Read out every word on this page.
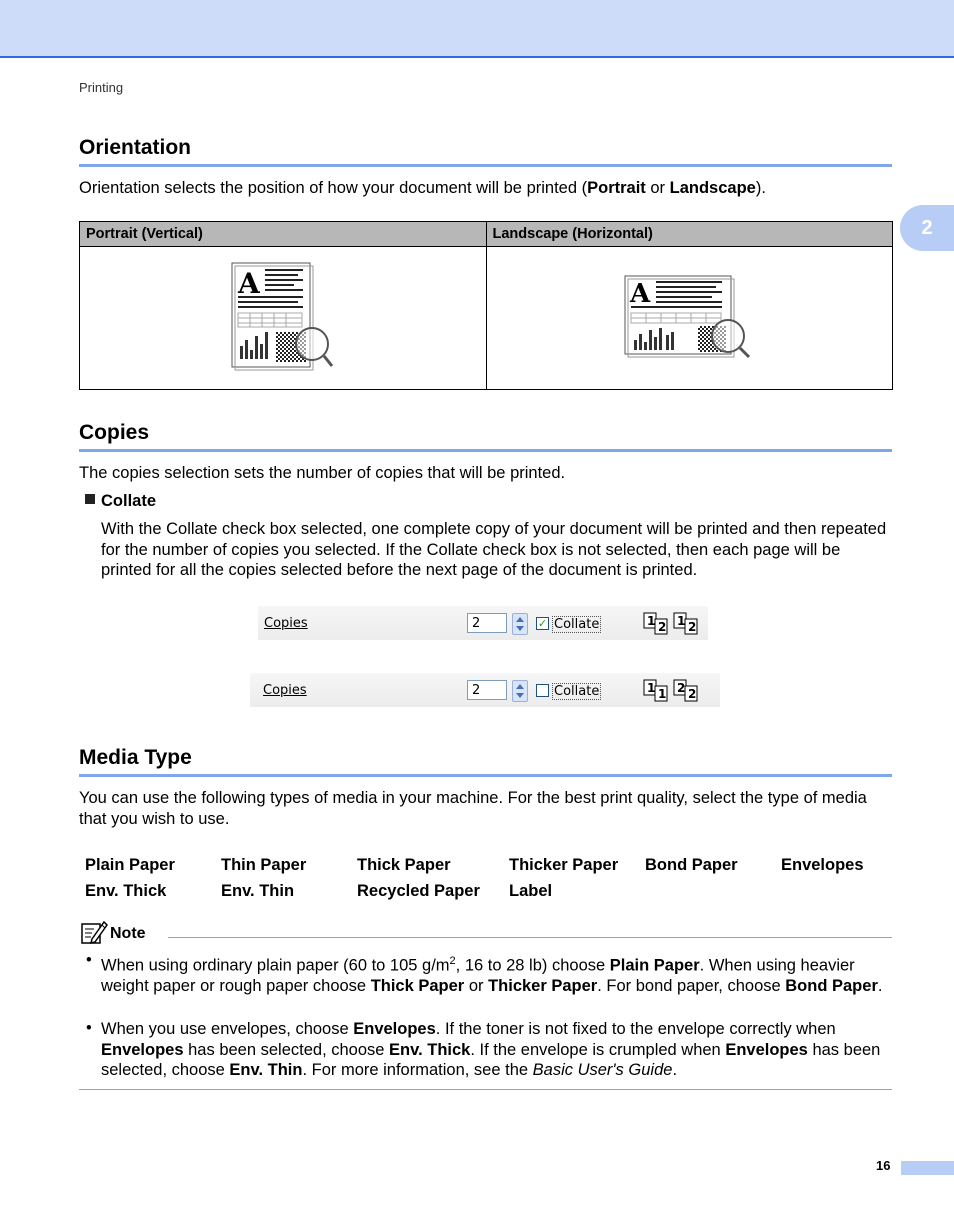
Printing
2
Orientation
Orientation selects the position of how your document will be printed (Portrait or Landscape).
Portrait (Vertical)	Landscape (Horizontal)

A	A
Copies
The copies selection sets the number of copies that will be printed.
Collate
With the Collate check box selected, one complete copy of your document will be printed and then repeated for the number of copies you selected. If the Collate check box is not selected, then each page will be printed for all the copies selected before the next page of the document is printed.
Copies	2	✓ Collate	1 2 1 2
Copies	2	Collate	1 1 2 2
Media Type
You can use the following types of media in your machine. For the best print quality, select the type of media that you wish to use.
Plain Paper	Thin Paper	Thick Paper	Thicker Paper	Bond Paper	Envelopes
Env. Thick	Env. Thin	Recycled Paper	Label		
Note
• When using ordinary plain paper (60 to 105 $g/m^2$, 16 to 28 lb) choose Plain Paper. When using heavier weight paper or rough paper choose Thick Paper or Thicker Paper. For bond paper, choose Bond Paper.
• When you use envelopes, choose Envelopes. If the toner is not fixed to the envelope correctly when Envelopes has been selected, choose Env. Thick. If the envelope is crumpled when Envelopes has been selected, choose Env. Thin. For more information, see the Basic User's Guide.
16
